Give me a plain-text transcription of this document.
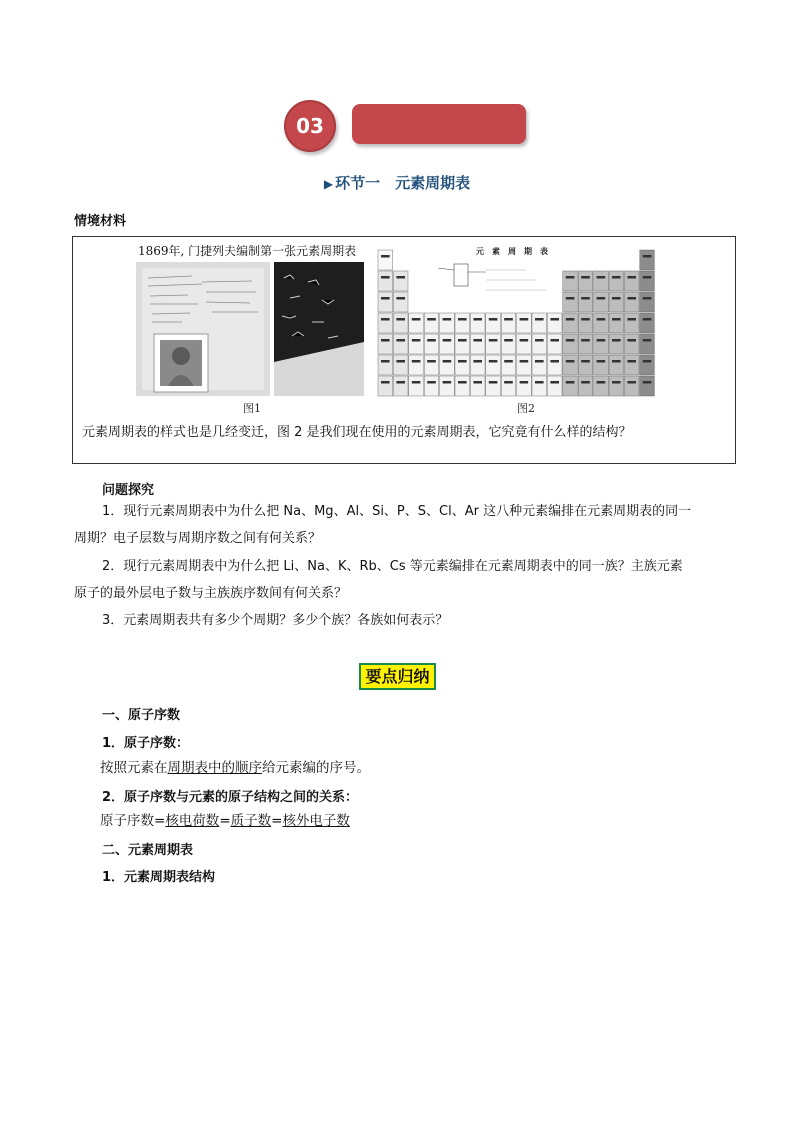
03
▶ 环节一　元素周期表
情境材料
1869年, 门捷列夫编制第一张元素周期表
图1
元　素　周　期　表
图2
元素周期表的样式也是几经变迁，图 2 是我们现在使用的元素周期表，它究竟有什么样的结构？
问题探究
1．现行元素周期表中为什么把 Na、Mg、Al、Si、P、S、Cl、Ar 这八种元素编排在元素周期表的同一
周期？电子层数与周期序数之间有何关系？
2．现行元素周期表中为什么把 Li、Na、K、Rb、Cs 等元素编排在元素周期表中的同一族？主族元素
原子的最外层电子数与主族族序数间有何关系？
3．元素周期表共有多少个周期？多少个族？各族如何表示？
要点归纳
一、原子序数
1．原子序数：
按照元素在周期表中的顺序给元素编的序号。
2．原子序数与元素的原子结构之间的关系：
原子序数=核电荷数=质子数=核外电子数
二、元素周期表
1．元素周期表结构
